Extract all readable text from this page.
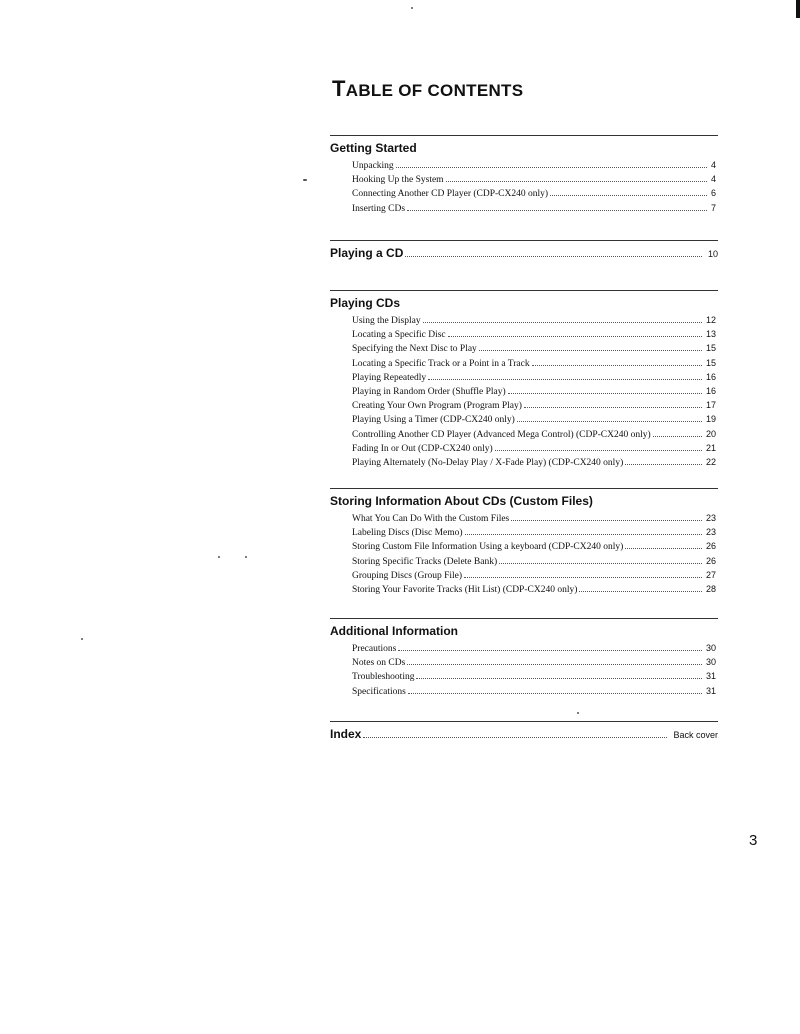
TABLE OF CONTENTS
Getting Started
Unpacking	4
Hooking Up the System	4
Connecting Another CD Player (CDP-CX240 only)	6
Inserting CDs	7
Playing a CD	10
Playing CDs
Using the Display	12
Locating a Specific Disc	13
Specifying the Next Disc to Play	15
Locating a Specific Track or a Point in a Track	15
Playing Repeatedly	16
Playing in Random Order (Shuffle Play)	16
Creating Your Own Program (Program Play)	17
Playing Using a Timer (CDP-CX240 only)	19
Controlling Another CD Player (Advanced Mega Control) (CDP-CX240 only)	20
Fading In or Out (CDP-CX240 only)	21
Playing Alternately (No-Delay Play / X-Fade Play) (CDP-CX240 only)	22
Storing Information About CDs (Custom Files)
What You Can Do With the Custom Files	23
Labeling Discs (Disc Memo)	23
Storing Custom File Information Using a keyboard (CDP-CX240 only)	26
Storing Specific Tracks (Delete Bank)	26
Grouping Discs (Group File)	27
Storing Your Favorite Tracks (Hit List) (CDP-CX240 only)	28
Additional Information
Precautions	30
Notes on CDs	30
Troubleshooting	31
Specifications	31
Index	Back cover
3
